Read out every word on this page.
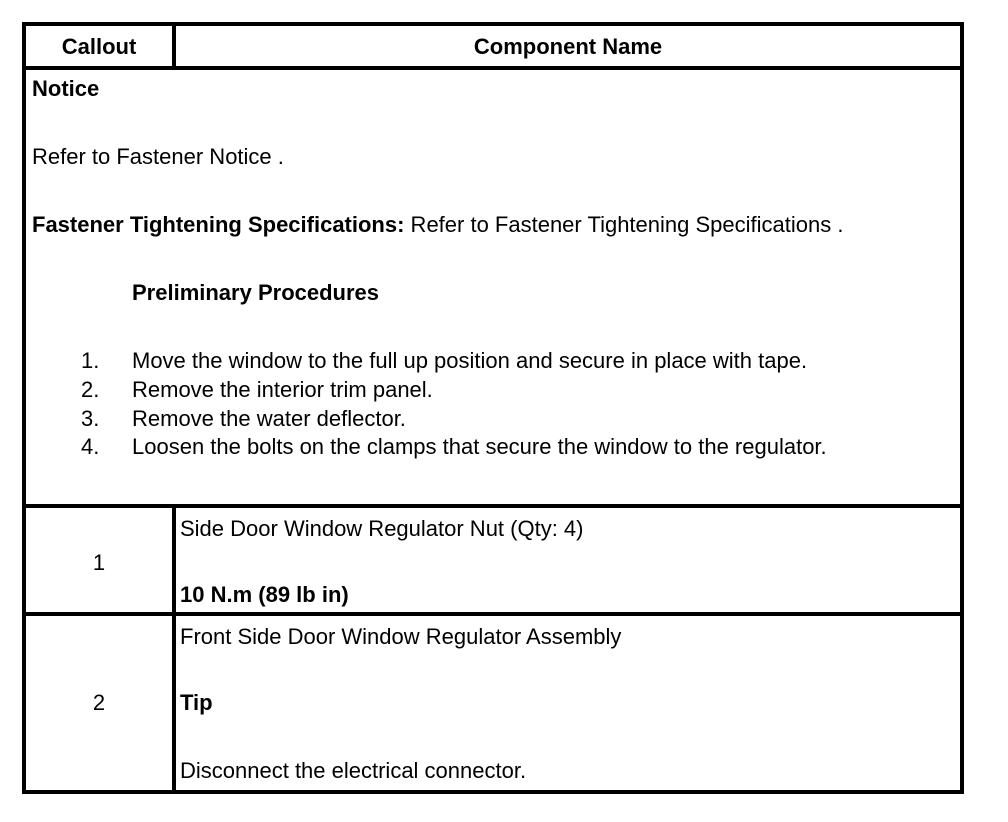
Callout	Component Name
Notice
Refer to Fastener Notice .
Fastener Tightening Specifications: Refer to Fastener Tightening Specifications .
Preliminary Procedures
1. Move the window to the full up position and secure in place with tape.
2. Remove the interior trim panel.
3. Remove the water deflector.
4. Loosen the bolts on the clamps that secure the window to the regulator.
1
Side Door Window Regulator Nut (Qty: 4)
10 N.m (89 lb in)
2
Front Side Door Window Regulator Assembly
Tip
Disconnect the electrical connector.
